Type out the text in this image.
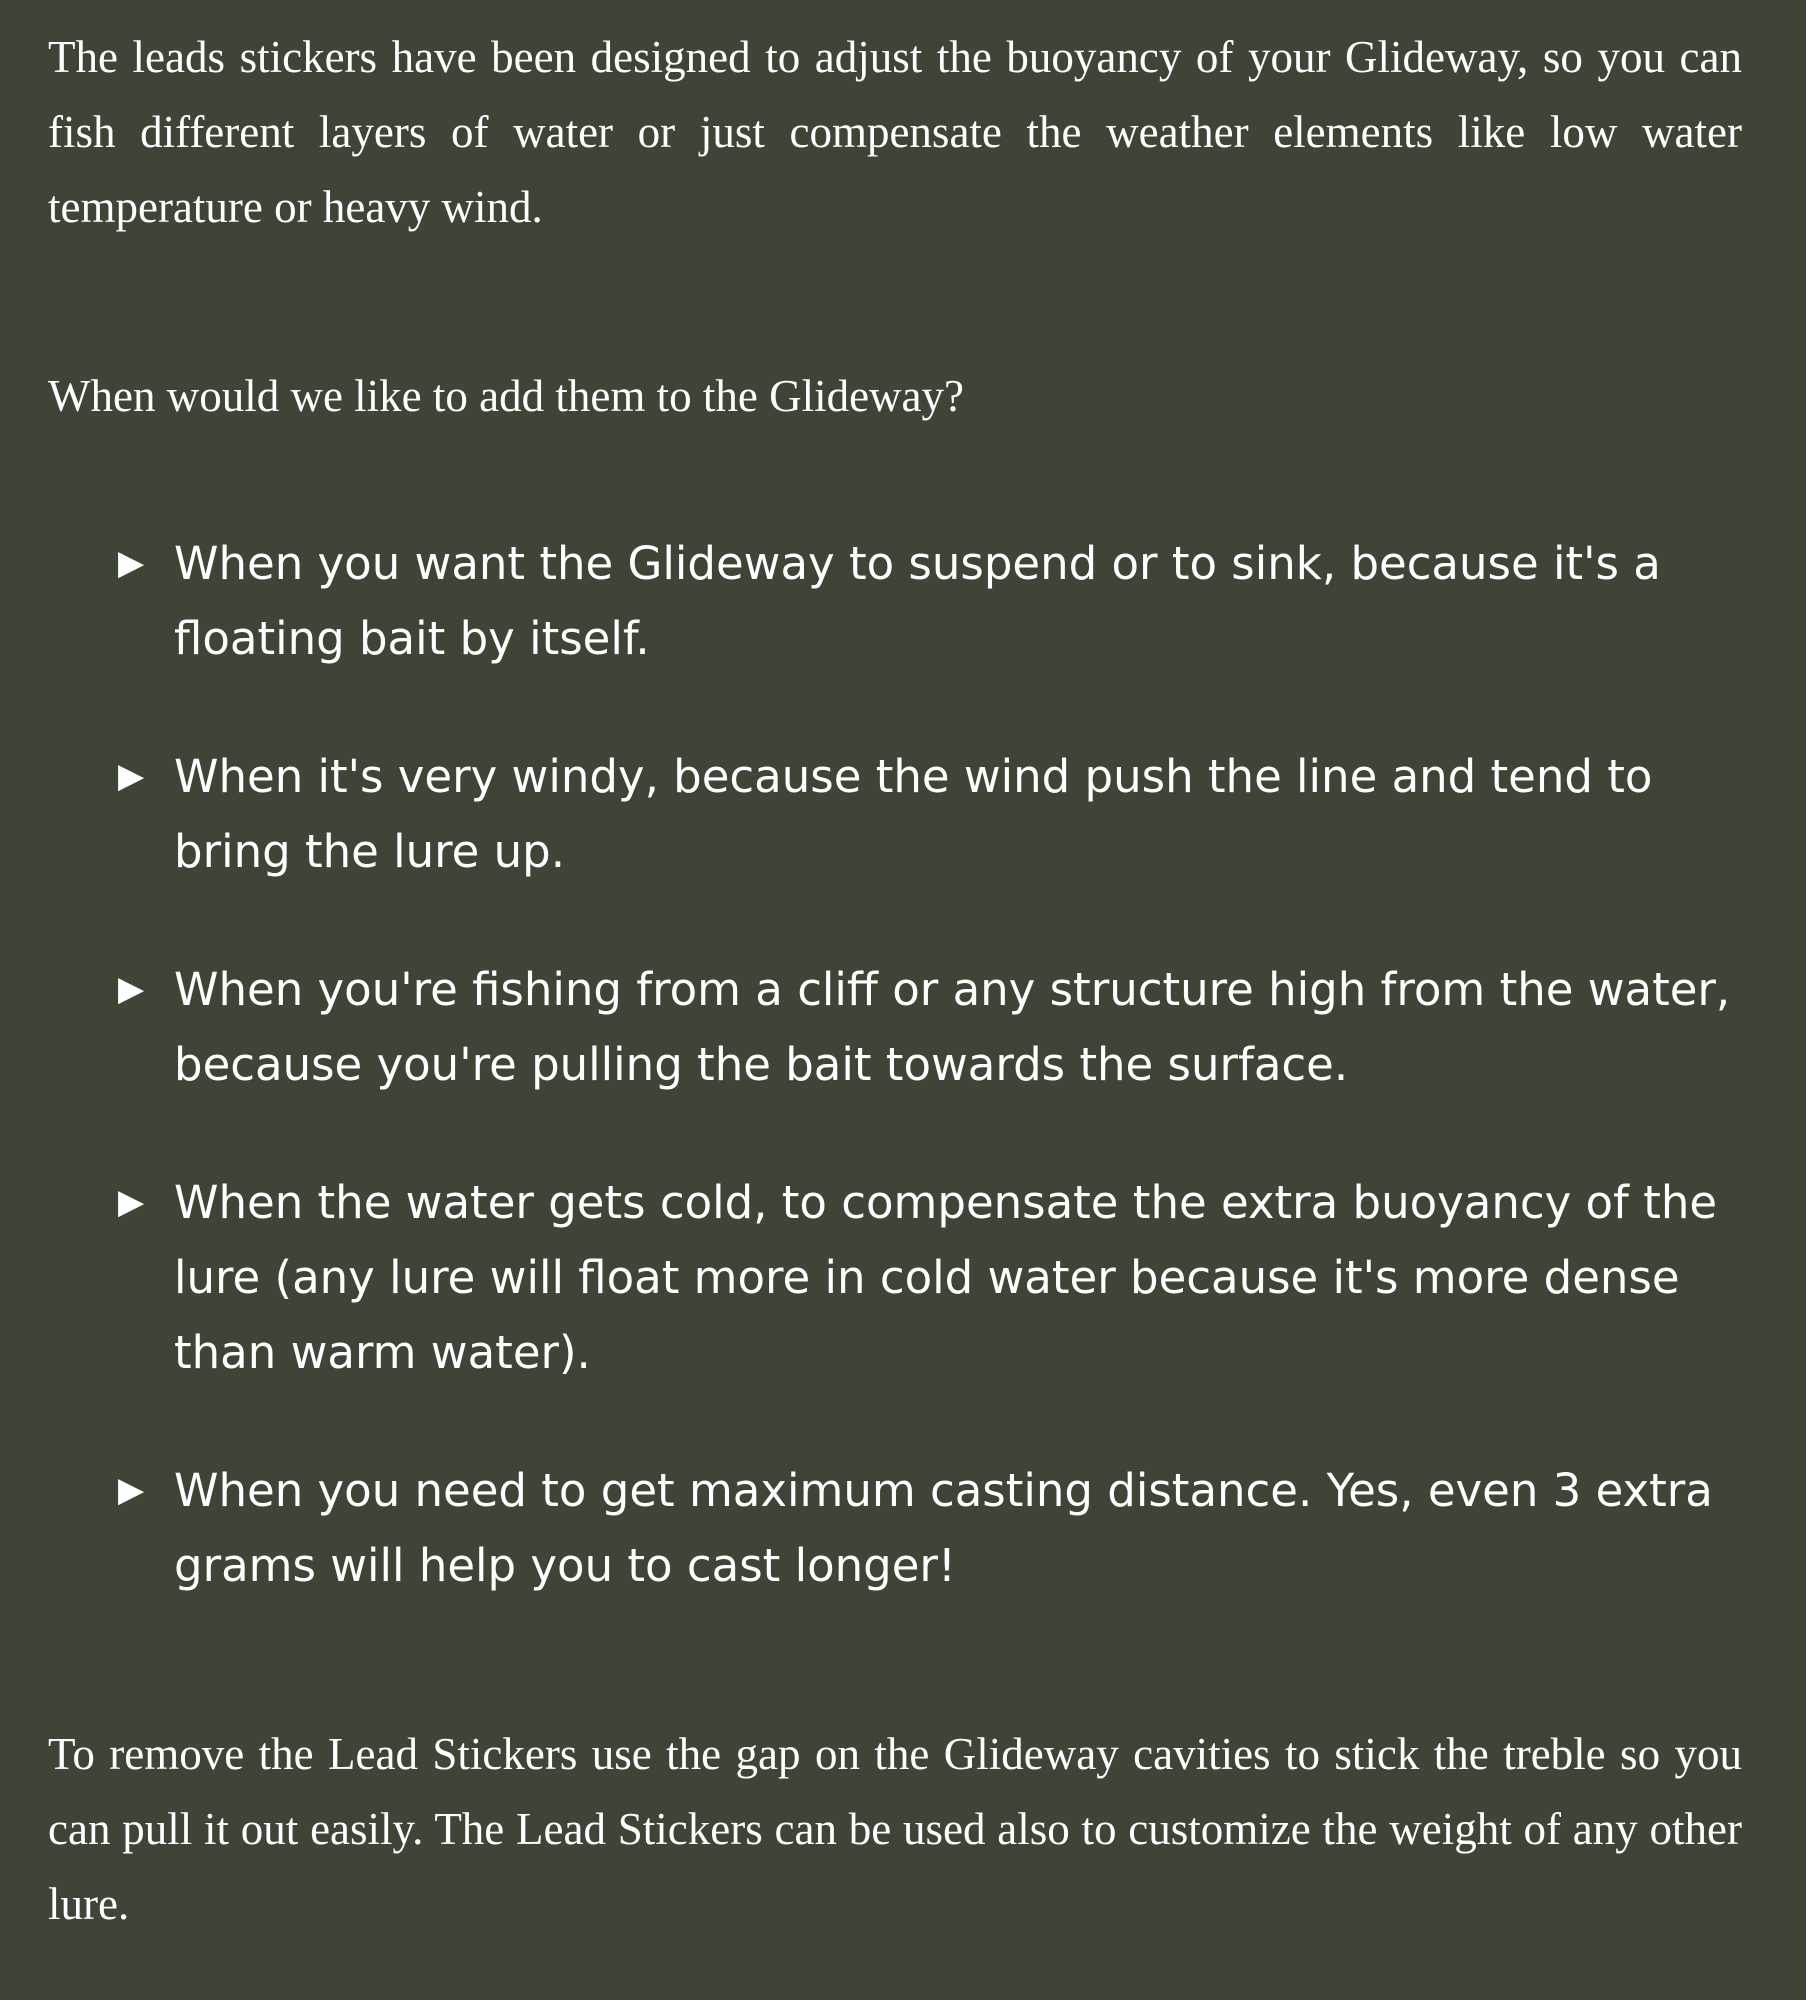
The leads stickers have been designed to adjust the buoyancy of your Glideway, so you can fish different layers of water or just compensate the weather elements like low water temperature or heavy wind.

When would we like to add them to the Glideway?

▶ When you want the Glideway to suspend or to sink, because it's a floating bait by itself.
▶ When it's very windy, because the wind push the line and tend to bring the lure up.
▶ When you're fishing from a cliff or any structure high from the water, because you're pulling the bait towards the surface.
▶ When the water gets cold, to compensate the extra buoyancy of the lure (any lure will float more in cold water because it's more dense than warm water).
▶ When you need to get maximum casting distance. Yes, even 3 extra grams will help you to cast longer!

To remove the Lead Stickers use the gap on the Glideway cavities to stick the treble so you can pull it out easily. The Lead Stickers can be used also to customize the weight of any other lure.
